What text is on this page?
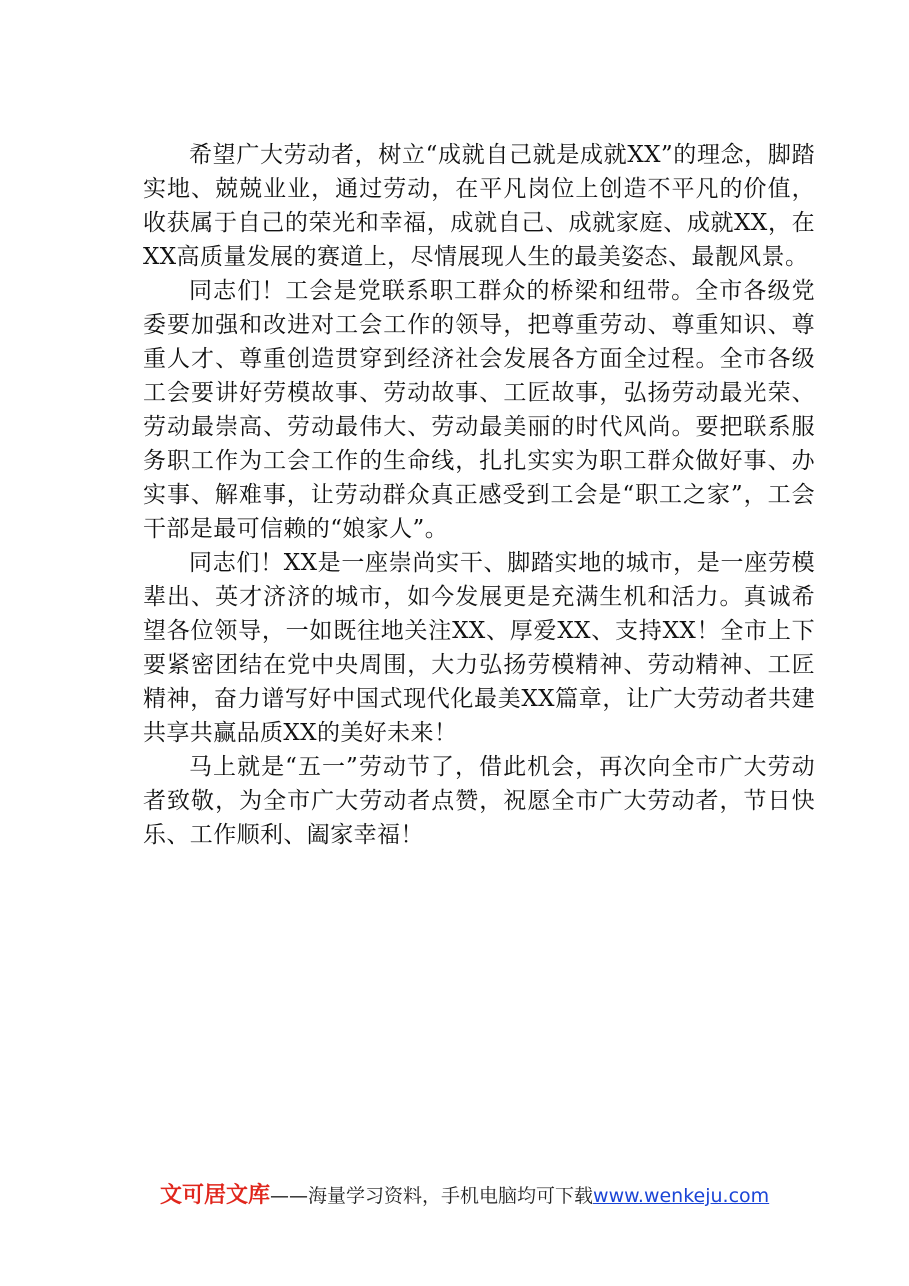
希望广大劳动者，树立“成就自己就是成就XX”的理念，脚踏实地、兢兢业业，通过劳动，在平凡岗位上创造不平凡的价值，收获属于自己的荣光和幸福，成就自己、成就家庭、成就XX，在XX高质量发展的赛道上，尽情展现人生的最美姿态、最靓风景。

同志们！工会是党联系职工群众的桥梁和纽带。全市各级党委要加强和改进对工会工作的领导，把尊重劳动、尊重知识、尊重人才、尊重创造贯穿到经济社会发展各方面全过程。全市各级工会要讲好劳模故事、劳动故事、工匠故事，弘扬劳动最光荣、劳动最崇高、劳动最伟大、劳动最美丽的时代风尚。要把联系服务职工作为工会工作的生命线，扎扎实实为职工群众做好事、办实事、解难事，让劳动群众真正感受到工会是“职工之家”，工会干部是最可信赖的“娘家人”。

同志们！XX是一座崇尚实干、脚踏实地的城市，是一座劳模辈出、英才济济的城市，如今发展更是充满生机和活力。真诚希望各位领导，一如既往地关注XX、厚爱XX、支持XX！全市上下要紧密团结在党中央周围，大力弘扬劳模精神、劳动精神、工匠精神，奋力谱写好中国式现代化最美XX篇章，让广大劳动者共建共享共赢品质XX的美好未来！

马上就是“五一”劳动节了，借此机会，再次向全市广大劳动者致敬，为全市广大劳动者点赞，祝愿全市广大劳动者，节日快乐、工作顺利、阖家幸福！

文可居文库——海量学习资料，手机电脑均可下载www.wenkeju.com
